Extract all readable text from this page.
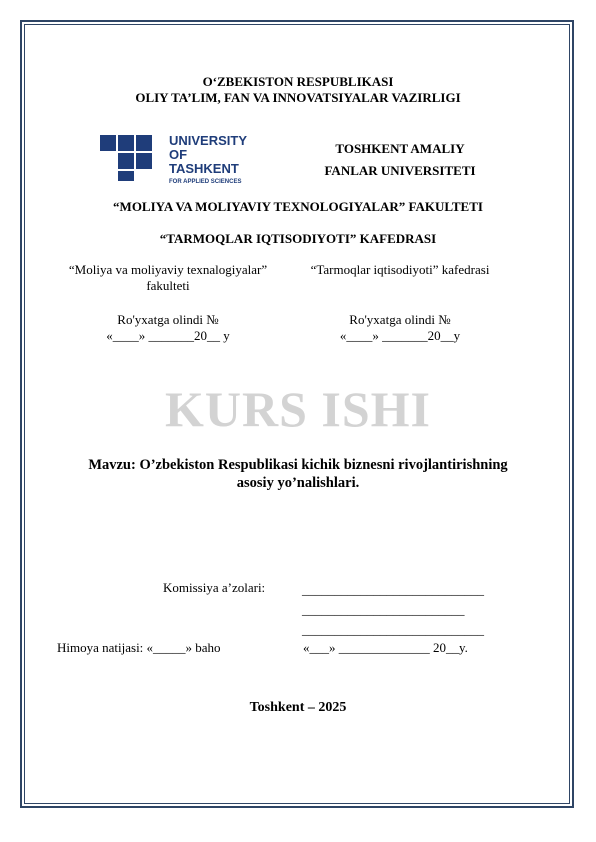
O‘ZBEKISTON RESPUBLIKASI
OLIY TA’LIM, FAN VA INNOVATSIYALAR VAZIRLIGI
UNIVERSITY
OF TASHKENT
FOR APPLIED SCIENCES
TOSHKENT AMALIY
FANLAR UNIVERSITETI
“MOLIYA VA MOLIYAVIY TEXNOLOGIYALAR” FAKULTETI
“TARMOQLAR IQTISODIYOTI” KAFEDRASI
“Moliya va moliyaviy texnalogiyalar”
fakulteti
Ro'yxatga olindi №
«____» _______20__ y
“Tarmoqlar iqtisodiyoti” kafedrasi
Ro'yxatga olindi №
«____» _______20__y
KURS ISHI
Mavzu: O’zbekiston Respublikasi kichik biznesni rivojlantirishning
asosiy yo’nalishlari.
Komissiya a’zolari:	____________________________
_________________________
____________________________
Himoya natijasi: «_____» baho	«___» ______________ 20__y.
Toshkent – 2025
